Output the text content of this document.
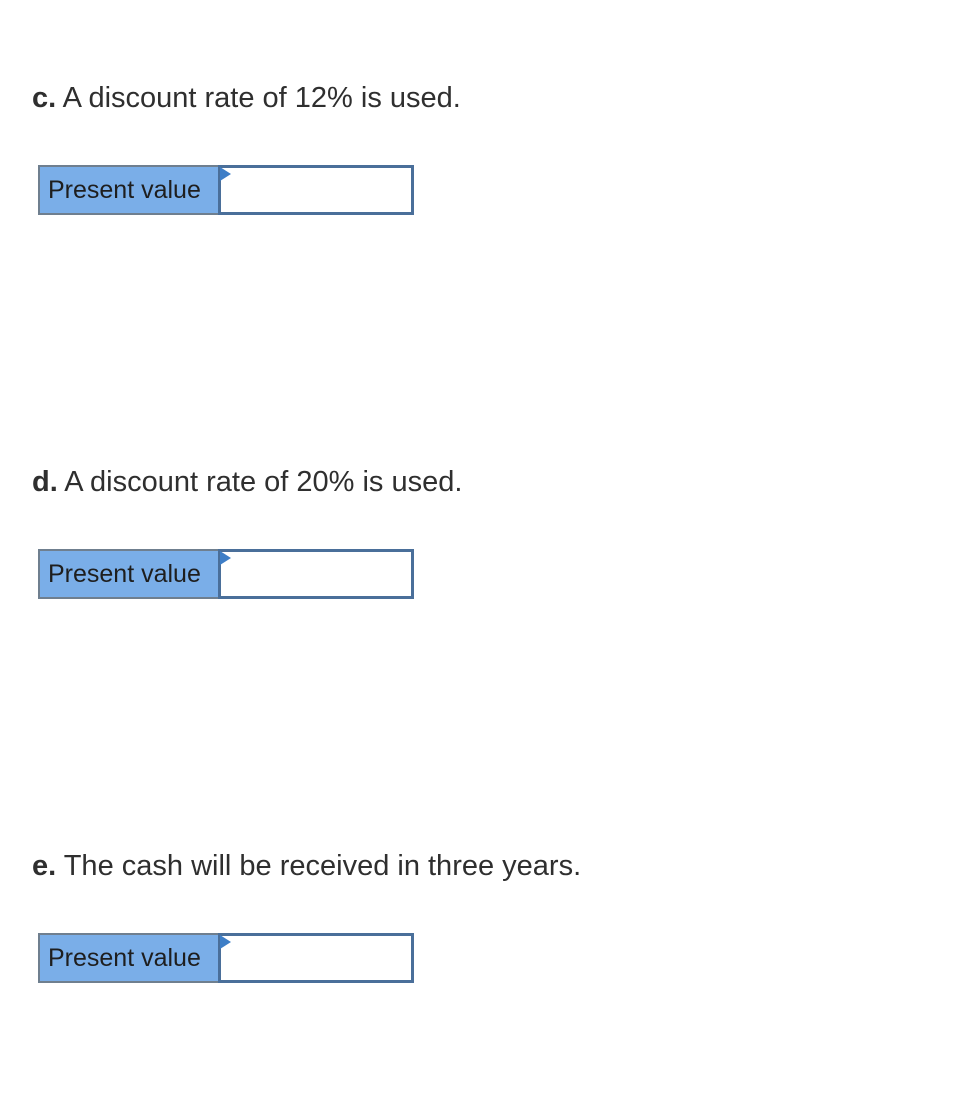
c. A discount rate of 12% is used.
Present value
d. A discount rate of 20% is used.
Present value
e. The cash will be received in three years.
Present value
